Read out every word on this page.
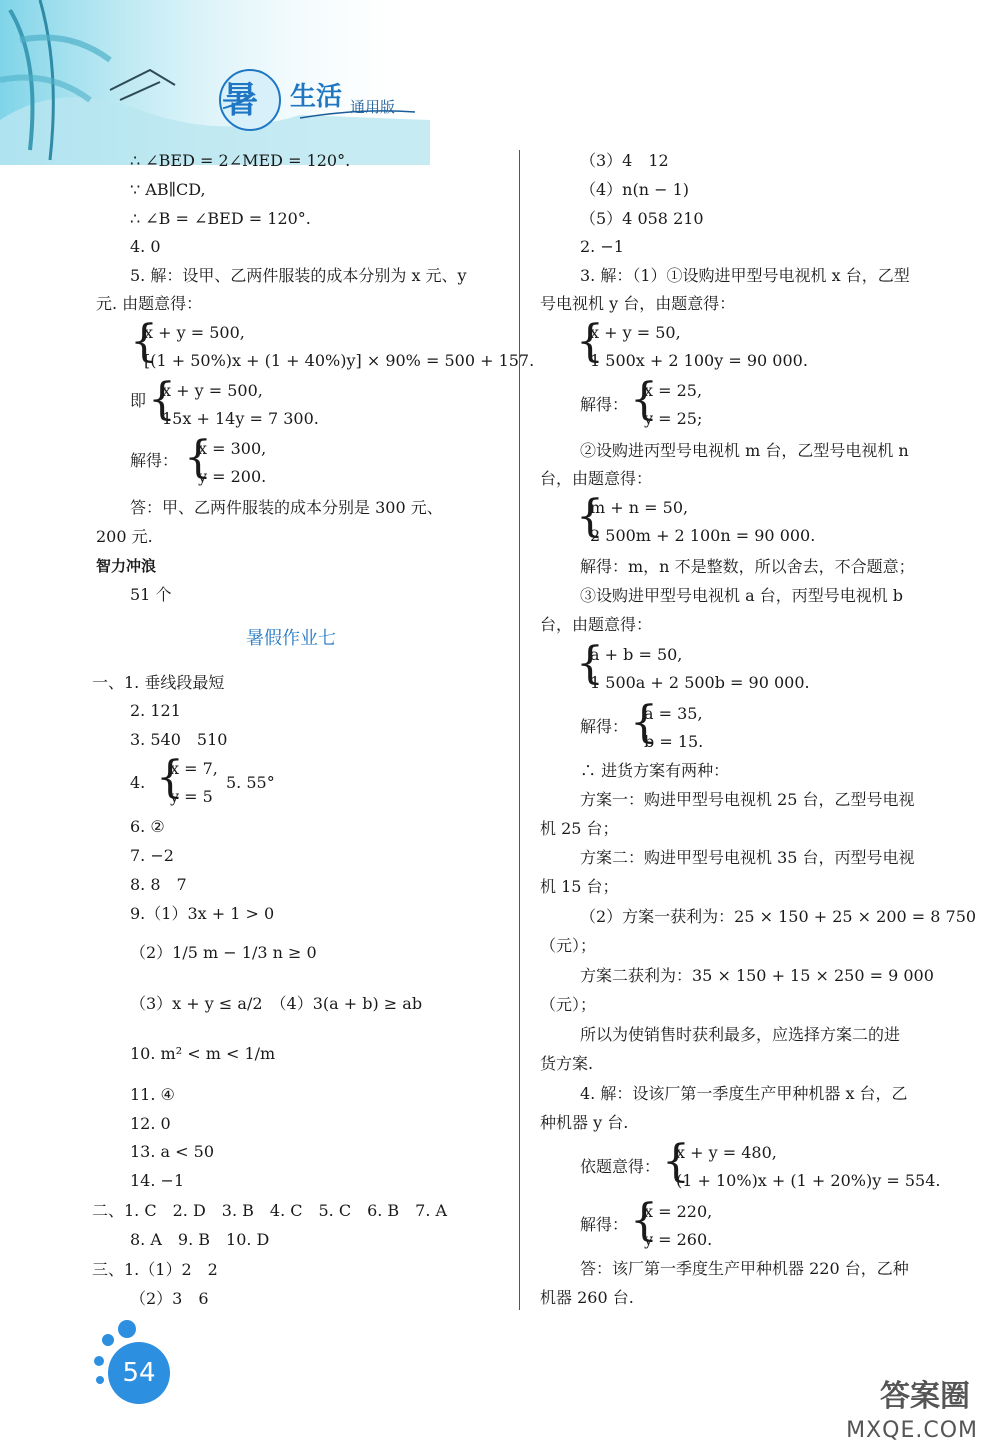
暑 生活 通用版
∴ ∠BED = 2∠MED = 120°.
∵ AB∥CD,
∴ ∠B = ∠BED = 120°.
4. 0
5. 解：设甲、乙两件服装的成本分别为 x 元、y
元. 由题意得：
{
x + y = 500,
[(1 + 50%)x + (1 + 40%)y] × 90% = 500 + 157.
即 {
x + y = 500,
15x + 14y = 7 300.
解得： {
x = 300,
y = 200.
答：甲、乙两件服装的成本分别是 300 元、
200 元.
智力冲浪
51 个
暑假作业七
一、1. 垂线段最短
2. 121
3. 540　510
4. {
x = 7,
y = 5
5. 55°
6. ②
7. −2
8. 8　7
9.（1）3x + 1 > 0
（2）1/5 m − 1/3 n ≥ 0
（3）x + y ≤ a/2　（4）3(a + b) ≥ ab
10. m² < m < 1/m
11. ④
12. 0
13. a < 50
14. −1
二、1. C　2. D　3. B　4. C　5. C　6. B　7. A
8. A　9. B　10. D
三、1.（1）2　2
（2）3　6
（3）4　12
（4）n(n − 1)
（5）4 058 210
2. −1
3. 解：（1）①设购进甲型号电视机 x 台，乙型
号电视机 y 台，由题意得：
{
x + y = 50,
1 500x + 2 100y = 90 000.
解得： {
x = 25,
y = 25;
②设购进丙型号电视机 m 台，乙型号电视机 n
台，由题意得：
{
m + n = 50,
2 500m + 2 100n = 90 000.
解得：m，n 不是整数，所以舍去，不合题意；
③设购进甲型号电视机 a 台，丙型号电视机 b
台，由题意得：
{
a + b = 50,
1 500a + 2 500b = 90 000.
解得： {
a = 35,
b = 15.
∴ 进货方案有两种：
方案一：购进甲型号电视机 25 台，乙型号电视
机 25 台；
方案二：购进甲型号电视机 35 台，丙型号电视
机 15 台；
（2）方案一获利为：25 × 150 + 25 × 200 = 8 750
（元）；
方案二获利为：35 × 150 + 15 × 250 = 9 000
（元）；
所以为使销售时获利最多，应选择方案二的进
货方案.
4. 解：设该厂第一季度生产甲种机器 x 台，乙
种机器 y 台.
依题意得： {
x + y = 480,
(1 + 10%)x + (1 + 20%)y = 554.
解得： {
x = 220,
y = 260.
答：该厂第一季度生产甲种机器 220 台，乙种
机器 260 台.
54
答案圈
MXQE.COM
